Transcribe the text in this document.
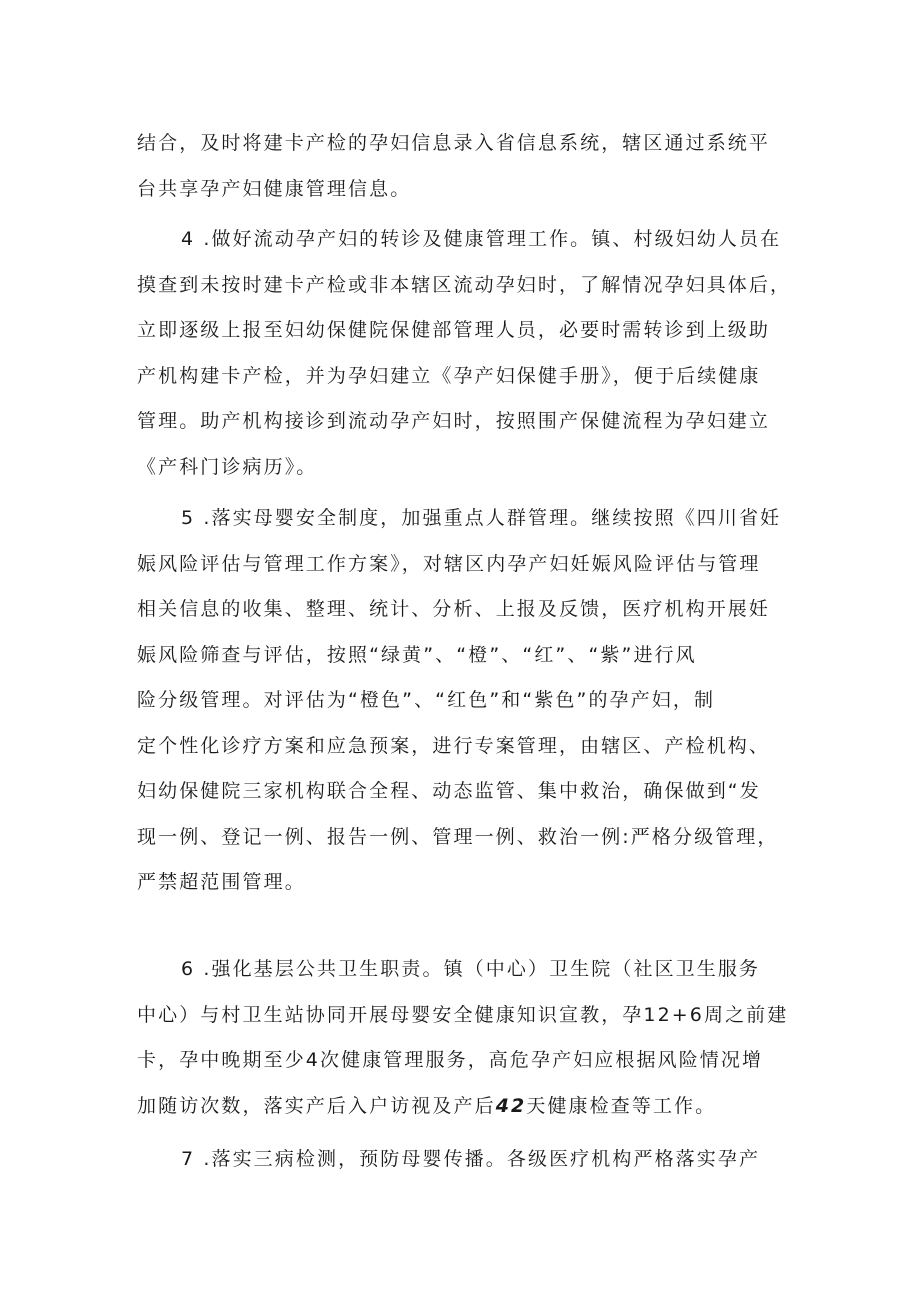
结合，及时将建卡产检的孕妇信息录入省信息系统，辖区通过系统平
台共享孕产妇健康管理信息。
4 .做好流动孕产妇的转诊及健康管理工作。镇、村级妇幼人员在
摸查到未按时建卡产检或非本辖区流动孕妇时，了解情况孕妇具体后，
立即逐级上报至妇幼保健院保健部管理人员，必要时需转诊到上级助
产机构建卡产检，并为孕妇建立《孕产妇保健手册》，便于后续健康
管理。助产机构接诊到流动孕产妇时，按照围产保健流程为孕妇建立
《产科门诊病历》。
5 .落实母婴安全制度，加强重点人群管理。继续按照《四川省妊
娠风险评估与管理工作方案》，对辖区内孕产妇妊娠风险评估与管理
相关信息的收集、整理、统计、分析、上报及反馈，医疗机构开展妊
娠风险筛查与评估，按照“绿黄”、“橙”、“红”、“紫”进行风
险分级管理。对评估为“橙色”、“红色”和“紫色”的孕产妇，制
定个性化诊疗方案和应急预案，进行专案管理，由辖区、产检机构、
妇幼保健院三家机构联合全程、动态监管、集中救治，确保做到“发
现一例、登记一例、报告一例、管理一例、救治一例:严格分级管理，
严禁超范围管理。
6 .强化基层公共卫生职责。镇（中心）卫生院（社区卫生服务
中心）与村卫生站协同开展母婴安全健康知识宣教，孕12+6周之前建
卡，孕中晚期至少4次健康管理服务，高危孕产妇应根据风险情况增
加随访次数，落实产后入户访视及产后42天健康检查等工作。
7 .落实三病检测，预防母婴传播。各级医疗机构严格落实孕产
